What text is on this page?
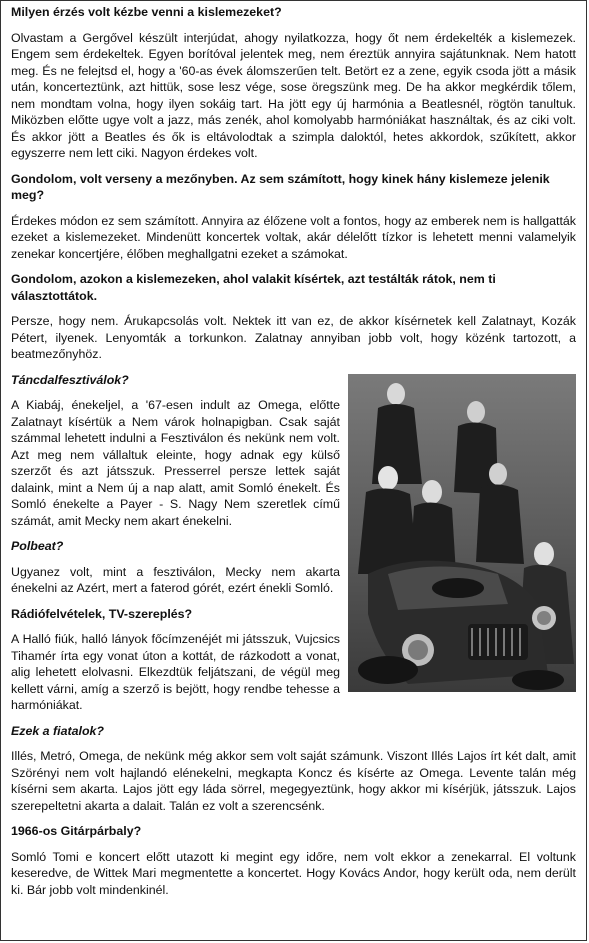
Milyen érzés volt kézbe venni a kislemezeket?

Olvastam a Gergővel készült interjúdat, ahogy nyilatkozza, hogy őt nem érdekelték a kislemezek. Engem sem érdekeltek. Egyen borítóval jelentek meg, nem éreztük annyira sajátunknak. Nem hatott meg. És ne felejtsd el, hogy a '60-as évek álomszerűen telt. Betört ez a zene, egyik csoda jött a másik után, koncerteztünk, azt hittük, sose lesz vége, sose öregszünk meg. De ha akkor megkérdik tőlem, nem mondtam volna, hogy ilyen sokáig tart. Ha jött egy új harmónia a Beatlesnél, rögtön tanultuk. Miközben előtte ugye volt a jazz, más zenék, ahol komolyabb harmóniákat használtak, és az ciki volt. És akkor jött a Beatles és ők is eltávolodtak a szimpla daloktól, hetes akkordok, szűkített, akkor egyszerre nem lett ciki. Nagyon érdekes volt.

Gondolom, volt verseny a mezőnyben. Az sem számított, hogy kinek hány kislemeze jelenik meg?

Érdekes módon ez sem számított. Annyira az élőzene volt a fontos, hogy az emberek nem is hallgatták ezeket a kislemezeket. Mindenütt koncertek voltak, akár délelőtt tízkor is lehetett menni valamelyik zenekar koncertjére, élőben meghallgatni ezeket a számokat.

Gondolom, azokon a kislemezeken, ahol valakit kísértek, azt testálták rátok, nem ti választottátok.

Persze, hogy nem. Árukapcsolás volt. Nektek itt van ez, de akkor kísérnetek kell Zalatnayt, Kozák Pétert, ilyenek. Lenyomták a torkunkon. Zalatnay annyiban jobb volt, hogy közénk tartozott, a beatmezőnyhöz.

Táncdalfesztiválok?

A Kiabáj, énekeljel, a '67-esen indult az Omega, előtte Zalatnayt kísértük a Nem várok holnapigban. Csak saját számmal lehetett indulni a Fesztiválon és nekünk nem volt. Azt meg nem vállaltuk eleinte, hogy adnak egy külső szerzőt és azt játsszuk. Presserrel persze lettek saját dalaink, mint a Nem új a nap alatt, amit Somló énekelt. És Somló énekelte a Payer - S. Nagy Nem szeretlek című számát, amit Mecky nem akart énekelni.

Polbeat?

Ugyanez volt, mint a fesztiválon, Mecky nem akarta énekelni az Azért, mert a faterod górét, ezért énekli Somló.

Rádiófelvételek, TV-szereplés?

A Halló fiúk, halló lányok főcímzenéjét mi játsszuk, Vujcsics Tihamér írta egy vonat úton a kottát, de rázkodott a vonat, alig lehetett elolvasni. Elkezdtük feljátszani, de végül meg kellett várni, amíg a szerző is bejött, hogy rendbe tehesse a harmóniákat.

Ezek a fiatalok?

Illés, Metró, Omega, de nekünk még akkor sem volt saját számunk. Viszont Illés Lajos írt két dalt, amit Szörényi nem volt hajlandó elénekelni, megkapta Koncz és kísérte az Omega. Levente talán még kísérni sem akarta. Lajos jött egy láda sörrel, megegyeztünk, hogy akkor mi kísérjük, játsszuk. Lajos szerepeltetni akarta a dalait. Talán ez volt a szerencsénk.

1966-os Gitárpárbaly?

Somló Tomi e koncert előtt utazott ki megint egy időre, nem volt ekkor a zenekarral. El voltunk keseredve, de Wittek Mari megmentette a koncertet. Hogy Kovács Andor, hogy került oda, nem derült ki. Bár jobb volt mindenkinél.
